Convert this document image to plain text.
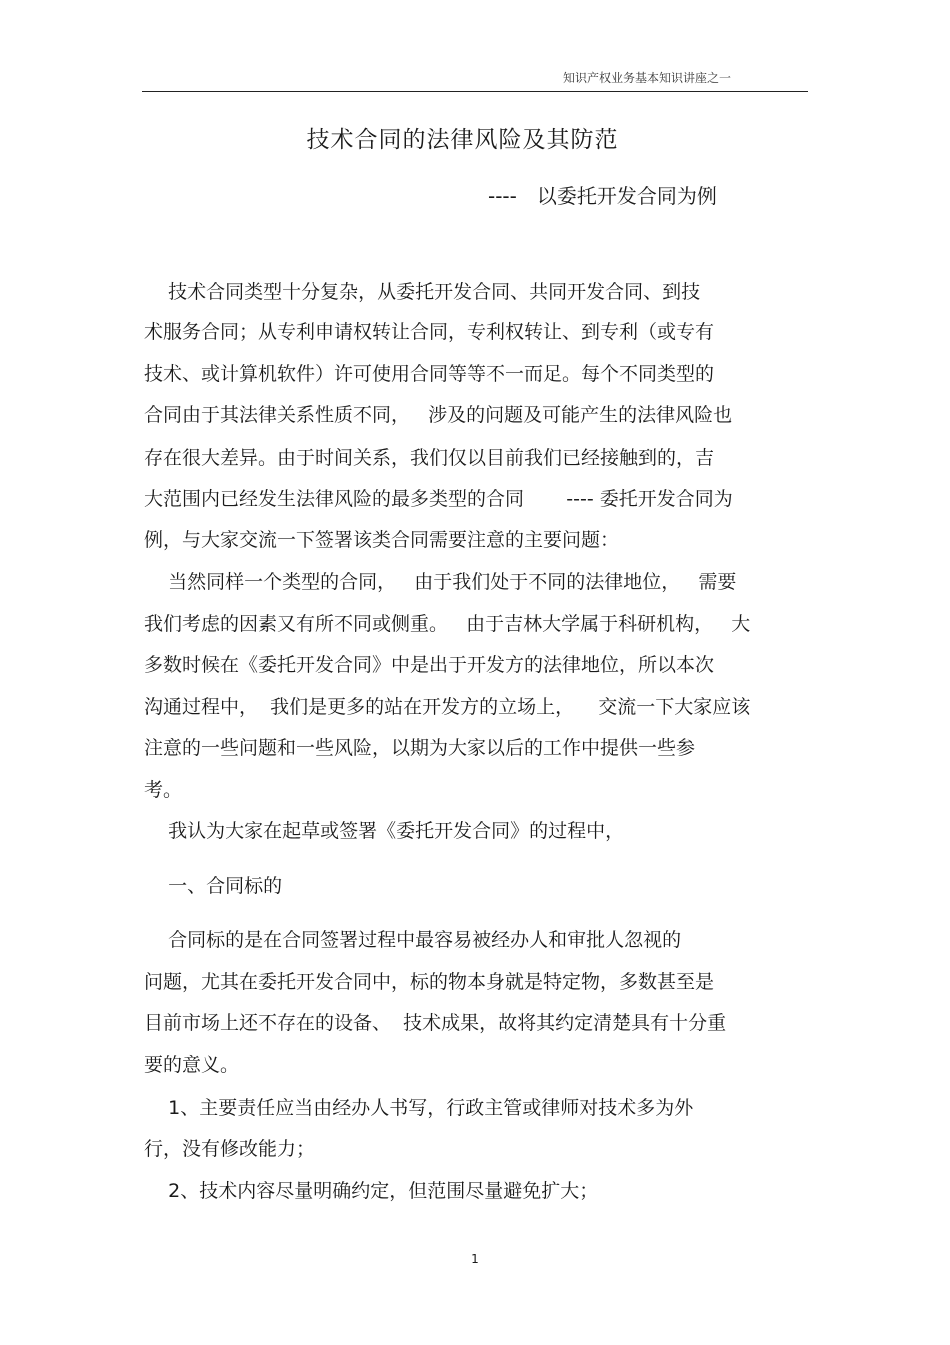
知识产权业务基本知识讲座之一
技术合同的法律风险及其防范
---- 以委托开发合同为例
技术合同类型十分复杂，从委托开发合同、共同开发合同、到技
术服务合同；从专利申请权转让合同，专利权转让、到专利（或专有
技术、或计算机软件）许可使用合同等等不一而足。每个不同类型的
合同由于其法律关系性质不同，   涉及的问题及可能产生的法律风险也
存在很大差异。由于时间关系，我们仅以目前我们已经接触到的，吉
大范围内已经发生法律风险的最多类型的合同       ---- 委托开发合同为
例，与大家交流一下签署该类合同需要注意的主要问题：
当然同样一个类型的合同，   由于我们处于不同的法律地位，   需要
我们考虑的因素又有所不同或侧重。   由于吉林大学属于科研机构，   大
多数时候在《委托开发合同》中是出于开发方的法律地位，所以本次
沟通过程中，  我们是更多的站在开发方的立场上，    交流一下大家应该
注意的一些问题和一些风险，以期为大家以后的工作中提供一些参
考。
我认为大家在起草或签署《委托开发合同》的过程中，
一、合同标的
合同标的是在合同签署过程中最容易被经办人和审批人忽视的
问题，尤其在委托开发合同中，标的物本身就是特定物，多数甚至是
目前市场上还不存在的设备、  技术成果，故将其约定清楚具有十分重
要的意义。
1、主要责任应当由经办人书写，行政主管或律师对技术多为外
行，没有修改能力；
2、技术内容尽量明确约定，但范围尽量避免扩大；
1
